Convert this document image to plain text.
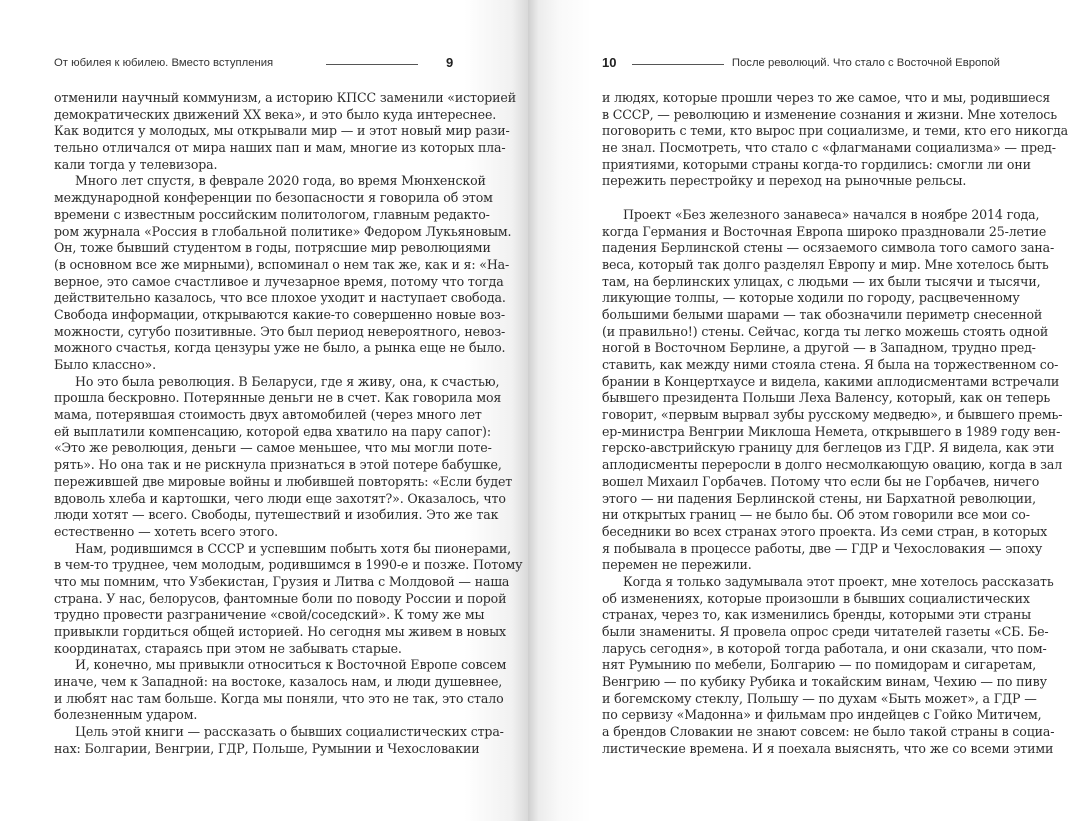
От юбилея к юбилею. Вместо вступления	9
отменили научный коммунизм, а историю КПСС заменили «историей
демократических движений XX века», и это было куда интереснее.
Как водится у молодых, мы открывали мир — и этот новый мир рази-
тельно отличался от мира наших пап и мам, многие из которых пла-
кали тогда у телевизора.
Много лет спустя, в феврале 2020 года, во время Мюнхенской
международной конференции по безопасности я говорила об этом
времени с известным российским политологом, главным редакто-
ром журнала «Россия в глобальной политике» Федором Лукьяновым.
Он, тоже бывший студентом в годы, потрясшие мир революциями
(в основном все же мирными), вспоминал о нем так же, как и я: «На-
верное, это самое счастливое и лучезарное время, потому что тогда
действительно казалось, что все плохое уходит и наступает свобода.
Свобода информации, открываются какие-то совершенно новые воз-
можности, сугубо позитивные. Это был период невероятного, невоз-
можного счастья, когда цензуры уже не было, а рынка еще не было.
Было классно».
Но это была революция. В Беларуси, где я живу, она, к счастью,
прошла бескровно. Потерянные деньги не в счет. Как говорила моя
мама, потерявшая стоимость двух автомобилей (через много лет
ей выплатили компенсацию, которой едва хватило на пару сапог):
«Это же революция, деньги — самое меньшее, что мы могли поте-
рять». Но она так и не рискнула признаться в этой потере бабушке,
пережившей две мировые войны и любившей повторять: «Если будет
вдоволь хлеба и картошки, чего люди еще захотят?». Оказалось, что
люди хотят — всего. Свободы, путешествий и изобилия. Это же так
естественно — хотеть всего этого.
Нам, родившимся в СССР и успевшим побыть хотя бы пионерами,
в чем-то труднее, чем молодым, родившимся в 1990-е и позже. Потому
что мы помним, что Узбекистан, Грузия и Литва с Молдовой — наша
страна. У нас, белорусов, фантомные боли по поводу России и порой
трудно провести разграничение «свой/соседский». К тому же мы
привыкли гордиться общей историей. Но сегодня мы живем в новых
координатах, стараясь при этом не забывать старые.
И, конечно, мы привыкли относиться к Восточной Европе совсем
иначе, чем к Западной: на востоке, казалось нам, и люди душевнее,
и любят нас там больше. Когда мы поняли, что это не так, это стало
болезненным ударом.
Цель этой книги — рассказать о бывших социалистических стра-
нах: Болгарии, Венгрии, ГДР, Польше, Румынии и Чехословакии
10	После революций. Что стало с Восточной Европой
и людях, которые прошли через то же самое, что и мы, родившиеся
в СССР, — революцию и изменение сознания и жизни. Мне хотелось
поговорить с теми, кто вырос при социализме, и теми, кто его никогда
не знал. Посмотреть, что стало с «флагманами социализма» — пред-
приятиями, которыми страны когда-то гордились: смогли ли они
пережить перестройку и переход на рыночные рельсы.
Проект «Без железного занавеса» начался в ноябре 2014 года,
когда Германия и Восточная Европа широко праздновали 25-летие
падения Берлинской стены — осязаемого символа того самого зана-
веса, который так долго разделял Европу и мир. Мне хотелось быть
там, на берлинских улицах, с людьми — их были тысячи и тысячи,
ликующие толпы, — которые ходили по городу, расцвеченному
большими белыми шарами — так обозначили периметр снесенной
(и правильно!) стены. Сейчас, когда ты легко можешь стоять одной
ногой в Восточном Берлине, а другой — в Западном, трудно пред-
ставить, как между ними стояла стена. Я была на торжественном со-
брании в Концертхаусе и видела, какими аплодисментами встречали
бывшего президента Польши Леха Валенсу, который, как он теперь
говорит, «первым вырвал зубы русскому медведю», и бывшего премь-
ер-министра Венгрии Миклоша Немета, открывшего в 1989 году вен-
герско-австрийскую границу для беглецов из ГДР. Я видела, как эти
аплодисменты переросли в долго несмолкающую овацию, когда в зал
вошел Михаил Горбачев. Потому что если бы не Горбачев, ничего
этого — ни падения Берлинской стены, ни Бархатной революции,
ни открытых границ — не было бы. Об этом говорили все мои со-
беседники во всех странах этого проекта. Из семи стран, в которых
я побывала в процессе работы, две — ГДР и Чехословакия — эпоху
перемен не пережили.
Когда я только задумывала этот проект, мне хотелось рассказать
об изменениях, которые произошли в бывших социалистических
странах, через то, как изменились бренды, которыми эти страны
были знамениты. Я провела опрос среди читателей газеты «СБ. Бе-
ларусь сегодня», в которой тогда работала, и они сказали, что пом-
нят Румынию по мебели, Болгарию — по помидорам и сигаретам,
Венгрию — по кубику Рубика и токайским винам, Чехию — по пиву
и богемскому стеклу, Польшу — по духам «Быть может», а ГДР —
по сервизу «Мадонна» и фильмам про индейцев с Гойко Митичем,
а брендов Словакии не знают совсем: не было такой страны в социа-
листические времена. И я поехала выяснять, что же со всеми этими
